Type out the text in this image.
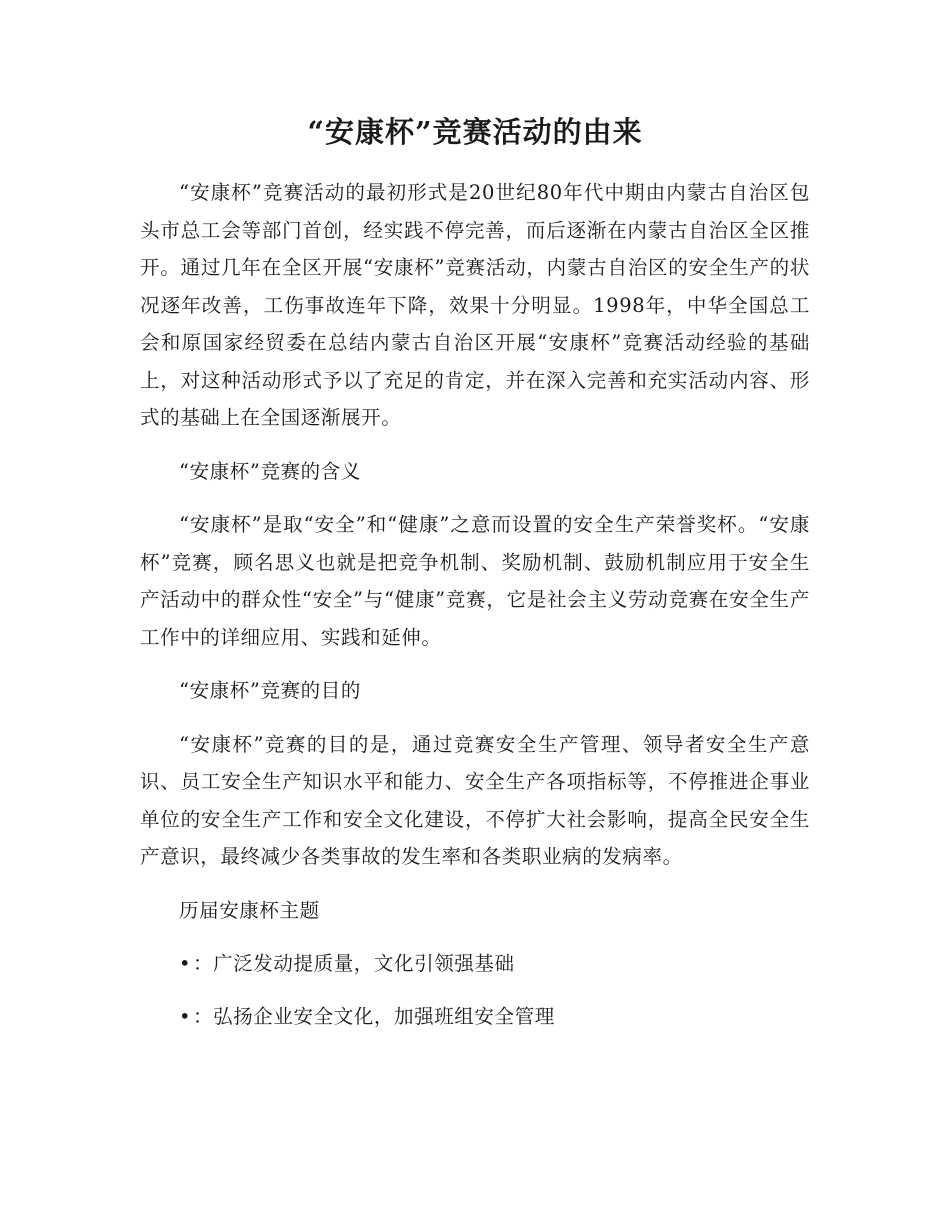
“安康杯”竞赛活动的由来

“安康杯”竞赛活动的最初形式是20世纪80年代中期由内蒙古自治区包头市总工会等部门首创，经实践不停完善，而后逐渐在内蒙古自治区全区推开。通过几年在全区开展“安康杯”竞赛活动，内蒙古自治区的安全生产的状况逐年改善，工伤事故连年下降，效果十分明显。1998年，中华全国总工会和原国家经贸委在总结内蒙古自治区开展“安康杯”竞赛活动经验的基础上，对这种活动形式予以了充足的肯定，并在深入完善和充实活动内容、形式的基础上在全国逐渐展开。

“安康杯”竞赛的含义

“安康杯”是取“安全”和“健康”之意而设置的安全生产荣誉奖杯。“安康杯”竞赛，顾名思义也就是把竞争机制、奖励机制、鼓励机制应用于安全生产活动中的群众性“安全”与“健康”竞赛，它是社会主义劳动竞赛在安全生产工作中的详细应用、实践和延伸。

“安康杯”竞赛的目的

“安康杯”竞赛的目的是，通过竞赛安全生产管理、领导者安全生产意识、员工安全生产知识水平和能力、安全生产各项指标等，不停推进企事业单位的安全生产工作和安全文化建设，不停扩大社会影响，提高全民安全生产意识，最终减少各类事故的发生率和各类职业病的发病率。

历届安康杯主题

•：广泛发动提质量，文化引领强基础
•：弘扬企业安全文化，加强班组安全管理
